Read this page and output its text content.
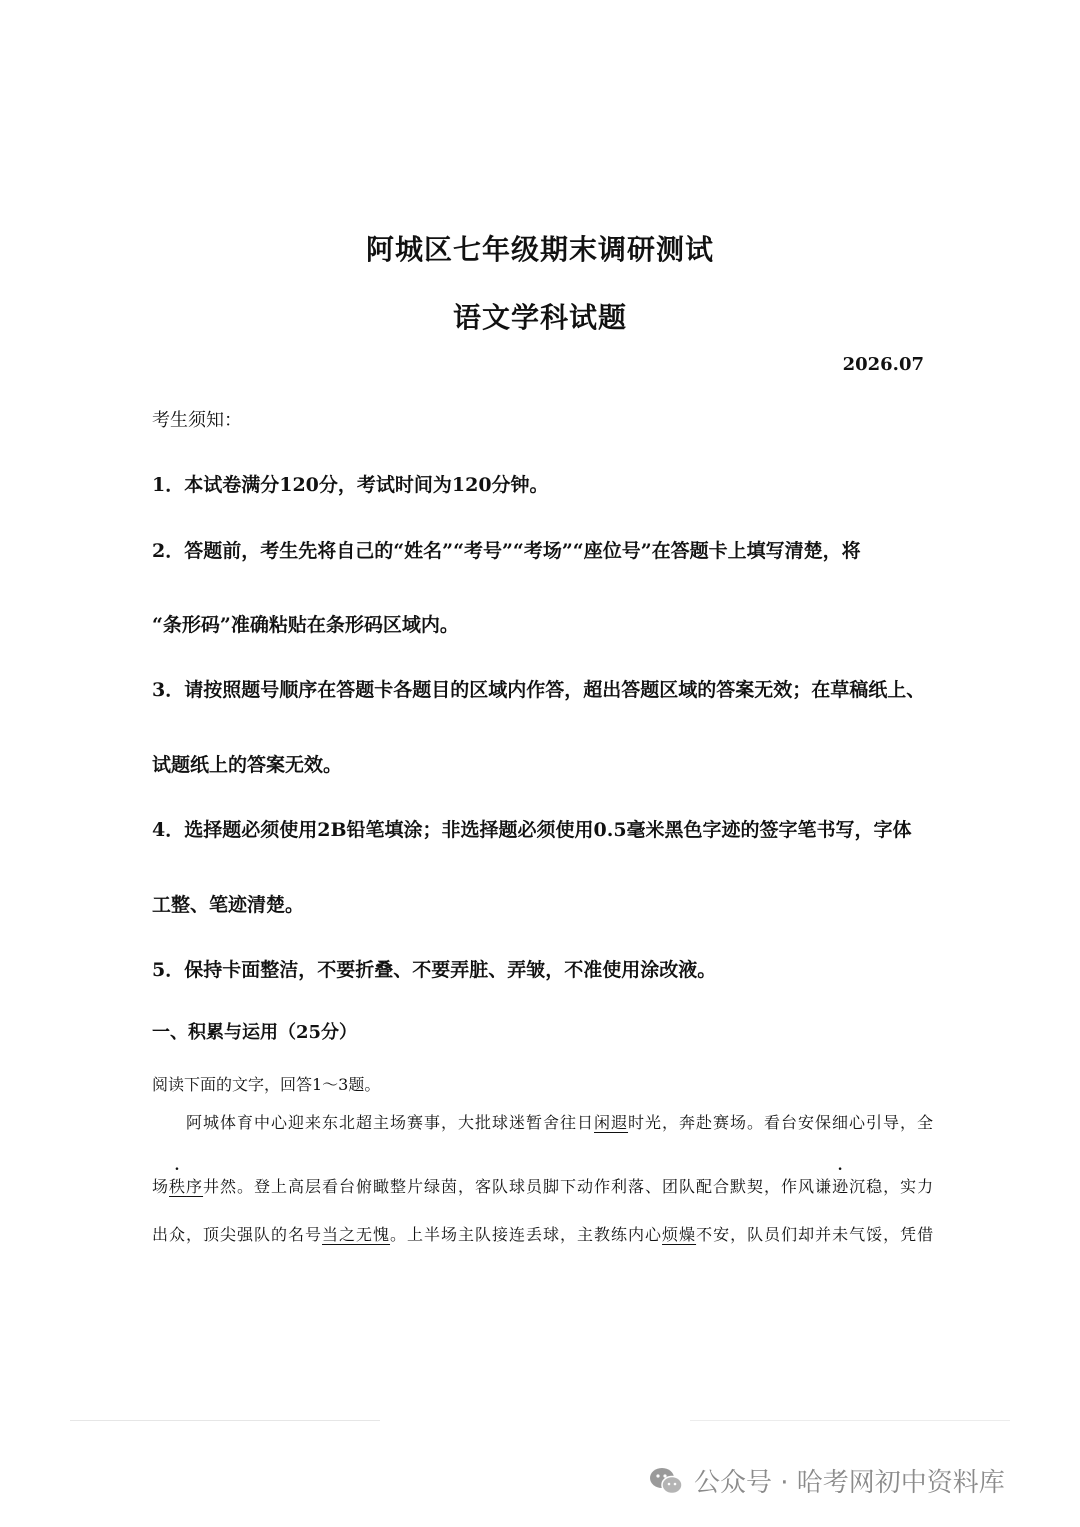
阿城区七年级期末调研测试
语文学科试题
2026.07
考生须知：
1．本试卷满分120分，考试时间为120分钟。
2．答题前，考生先将自己的“姓名”“考号”“考场”“座位号”在答题卡上填写清楚，将
“条形码”准确粘贴在条形码区域内。
3．请按照题号顺序在答题卡各题目的区域内作答，超出答题区域的答案无效；在草稿纸上、
试题纸上的答案无效。
4．选择题必须使用2B铅笔填涂；非选择题必须使用0.5毫米黑色字迹的签字笔书写，字体
工整、笔迹清楚。
5．保持卡面整洁，不要折叠、不要弄脏、弄皱，不准使用涂改液。
一、积累与运用（25分）
阅读下面的文字，回答1～3题。
阿城体育中心迎来东北超主场赛事，大批球迷暂舍往日闲遐时光，奔赴赛场。看台安保细心引导，全
场秩序井然。登上高层看台俯瞰整片绿茵，客队球员脚下动作利落、团队配合默契，作风谦逊沉稳，实力
出众，顶尖强队的名号当之无愧。上半场主队接连丢球，主教练内心烦燥不安，队员们却并未气馁，凭借
公众号 · 哈考网初中资料库
